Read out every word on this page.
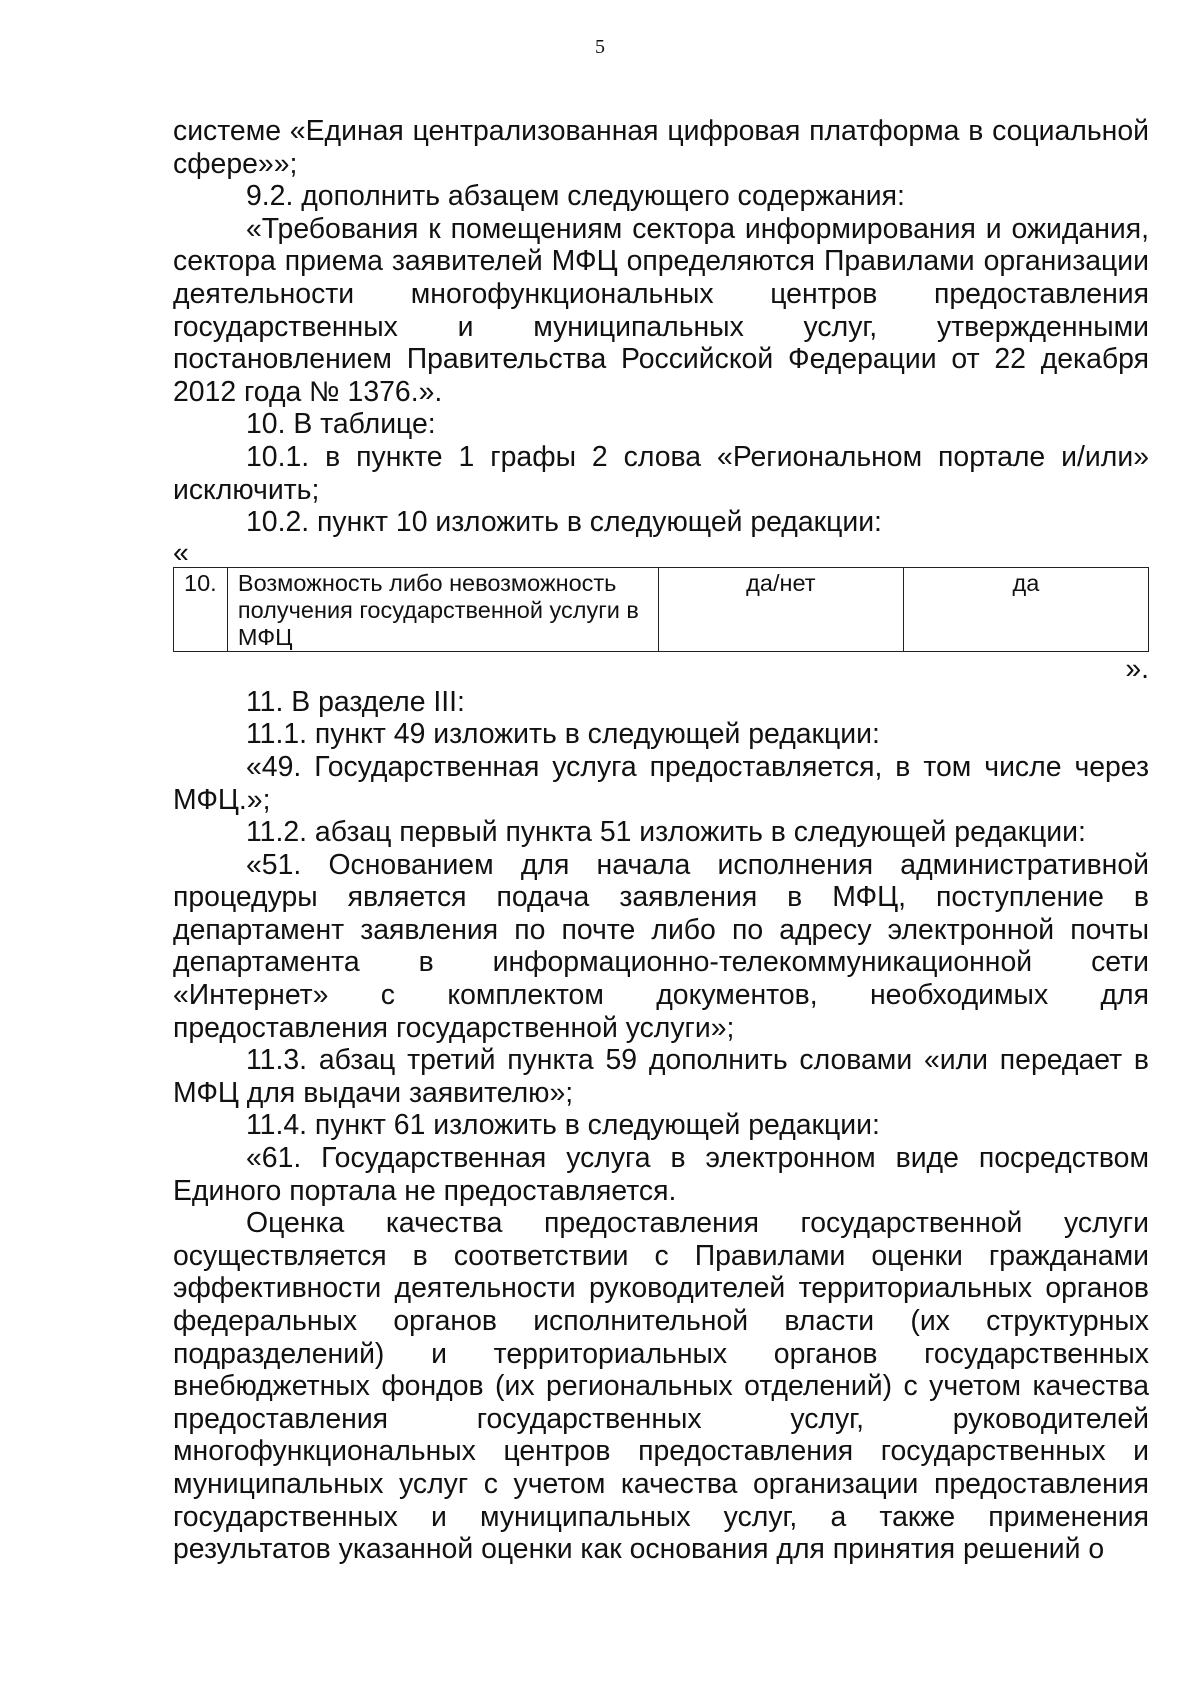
5

системе «Единая централизованная цифровая платформа в социальной сфере»»;

9.2. дополнить абзацем следующего содержания:

«Требования к помещениям сектора информирования и ожидания, сектора приема заявителей МФЦ определяются Правилами организации деятельности многофункциональных центров предоставления государственных и муниципальных услуг, утвержденными постановлением Правительства Российской Федерации от 22 декабря 2012 года № 1376.».

10. В таблице:

10.1. в пункте 1 графы 2 слова «Региональном портале и/или» исключить;

10.2. пункт 10 изложить в следующей редакции:

«

10.	Возможность либо невозможность получения государственной услуги в МФЦ	да/нет	да

».

11. В разделе III:

11.1. пункт 49 изложить в следующей редакции:

«49. Государственная услуга предоставляется, в том числе через МФЦ.»;

11.2. абзац первый пункта 51 изложить в следующей редакции:

«51. Основанием для начала исполнения административной процедуры является подача заявления в МФЦ, поступление в департамент заявления по почте либо по адресу электронной почты департамента в информационно-телекоммуникационной сети «Интернет» с комплектом документов, необходимых для предоставления государственной услуги»;

11.3. абзац третий пункта 59 дополнить словами «или передает в МФЦ для выдачи заявителю»;

11.4. пункт 61 изложить в следующей редакции:

«61. Государственная услуга в электронном виде посредством Единого портала не предоставляется.

Оценка качества предоставления государственной услуги осуществляется в соответствии с Правилами оценки гражданами эффективности деятельности руководителей территориальных органов федеральных органов исполнительной власти (их структурных подразделений) и территориальных органов государственных внебюджетных фондов (их региональных отделений) с учетом качества предоставления государственных услуг, руководителей многофункциональных центров предоставления государственных и муниципальных услуг с учетом качества организации предоставления государственных и муниципальных услуг, а также применения результатов указанной оценки как основания для принятия решений о
